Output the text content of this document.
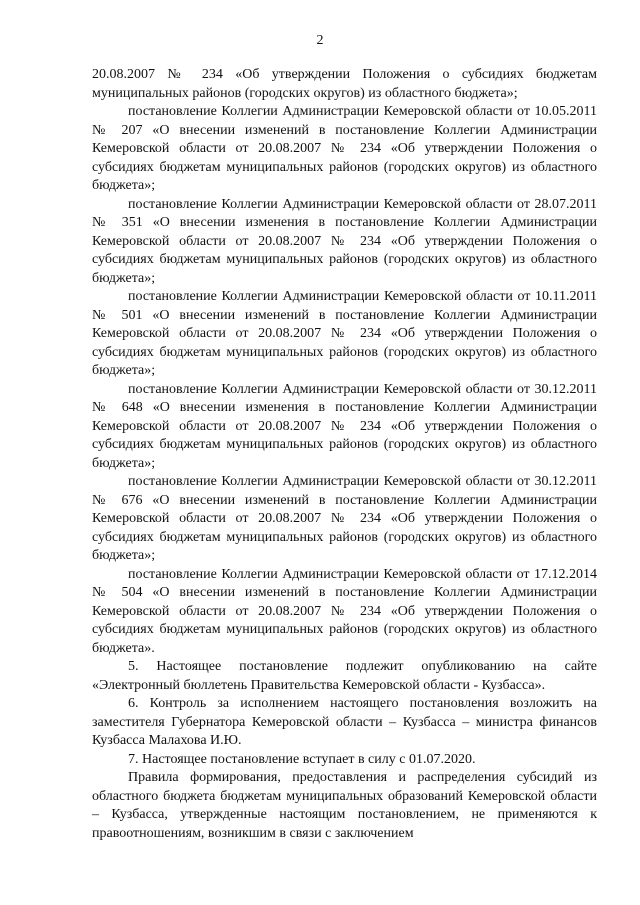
2

20.08.2007 № 234 «Об утверждении Положения о субсидиях бюджетам муниципальных районов (городских округов) из областного бюджета»;

постановление Коллегии Администрации Кемеровской области от 10.05.2011 № 207 «О внесении изменений в постановление Коллегии Администрации Кемеровской области от 20.08.2007 № 234 «Об утверждении Положения о субсидиях бюджетам муниципальных районов (городских округов) из областного бюджета»;

постановление Коллегии Администрации Кемеровской области от 28.07.2011 № 351 «О внесении изменения в постановление Коллегии Администрации Кемеровской области от 20.08.2007 № 234 «Об утверждении Положения о субсидиях бюджетам муниципальных районов (городских округов) из областного бюджета»;

постановление Коллегии Администрации Кемеровской области от 10.11.2011 № 501 «О внесении изменений в постановление Коллегии Администрации Кемеровской области от 20.08.2007 № 234 «Об утверждении Положения о субсидиях бюджетам муниципальных районов (городских округов) из областного бюджета»;

постановление Коллегии Администрации Кемеровской области от 30.12.2011 № 648 «О внесении изменения в постановление Коллегии Администрации Кемеровской области от 20.08.2007 № 234 «Об утверждении Положения о субсидиях бюджетам муниципальных районов (городских округов) из областного бюджета»;

постановление Коллегии Администрации Кемеровской области от 30.12.2011 № 676 «О внесении изменений в постановление Коллегии Администрации Кемеровской области от 20.08.2007 № 234 «Об утверждении Положения о субсидиях бюджетам муниципальных районов (городских округов) из областного бюджета»;

постановление Коллегии Администрации Кемеровской области от 17.12.2014 № 504 «О внесении изменений в постановление Коллегии Администрации Кемеровской области от 20.08.2007 № 234 «Об утверждении Положения о субсидиях бюджетам муниципальных районов (городских округов) из областного бюджета».

5. Настоящее постановление подлежит опубликованию на сайте «Электронный бюллетень Правительства Кемеровской области - Кузбасса».

6. Контроль за исполнением настоящего постановления возложить на заместителя Губернатора Кемеровской области – Кузбасса – министра финансов Кузбасса Малахова И.Ю.

7. Настоящее постановление вступает в силу с 01.07.2020.

Правила формирования, предоставления и распределения субсидий из областного бюджета бюджетам муниципальных образований Кемеровской области – Кузбасса, утвержденные настоящим постановлением, не применяются к правоотношениям, возникшим в связи с заключением
